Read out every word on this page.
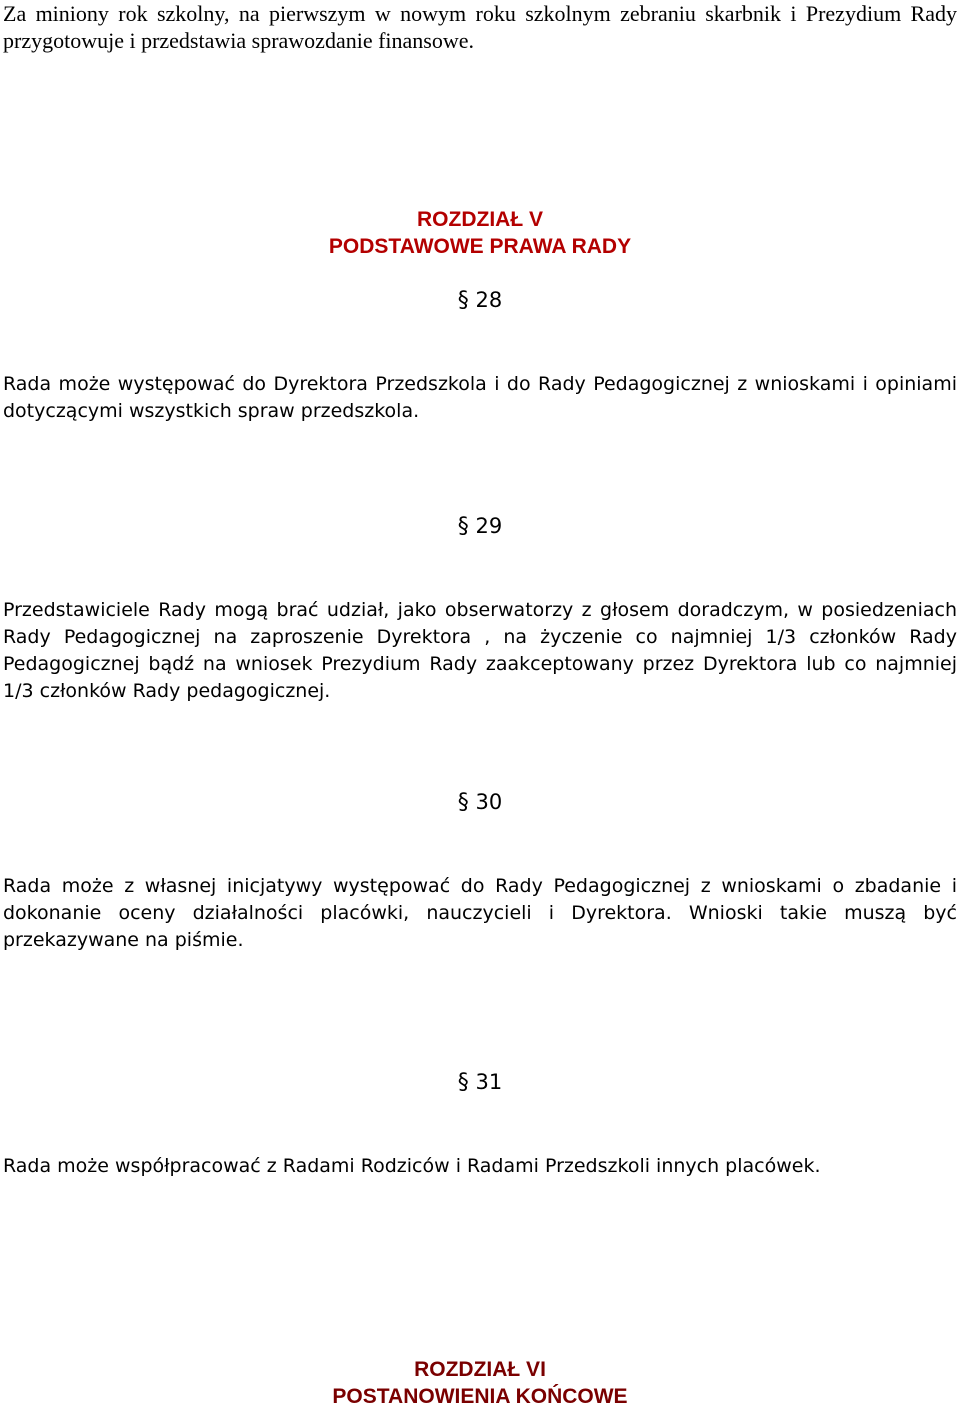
Za miniony rok szkolny, na pierwszym w nowym roku szkolnym zebraniu skarbnik i Prezydium Rady przygotowuje i przedstawia sprawozdanie finansowe.

ROZDZIAŁ V
PODSTAWOWE PRAWA RADY

§ 28

Rada może występować do Dyrektora Przedszkola i do Rady Pedagogicznej z wnioskami i opiniami dotyczącymi wszystkich spraw przedszkola.

§ 29

Przedstawiciele Rady mogą brać udział, jako obserwatorzy z głosem doradczym, w posiedzeniach Rady Pedagogicznej na zaproszenie Dyrektora , na życzenie co najmniej 1/3 członków Rady Pedagogicznej bądź na wniosek Prezydium Rady zaakceptowany przez Dyrektora lub co najmniej 1/3 członków Rady pedagogicznej.

§ 30

Rada może z własnej inicjatywy występować do Rady Pedagogicznej z wnioskami o zbadanie i dokonanie oceny działalności placówki, nauczycieli i Dyrektora. Wnioski takie muszą być przekazywane na piśmie.

§ 31

Rada może współpracować z Radami Rodziców i Radami Przedszkoli innych placówek.

ROZDZIAŁ VI
POSTANOWIENIA KOŃCOWE
